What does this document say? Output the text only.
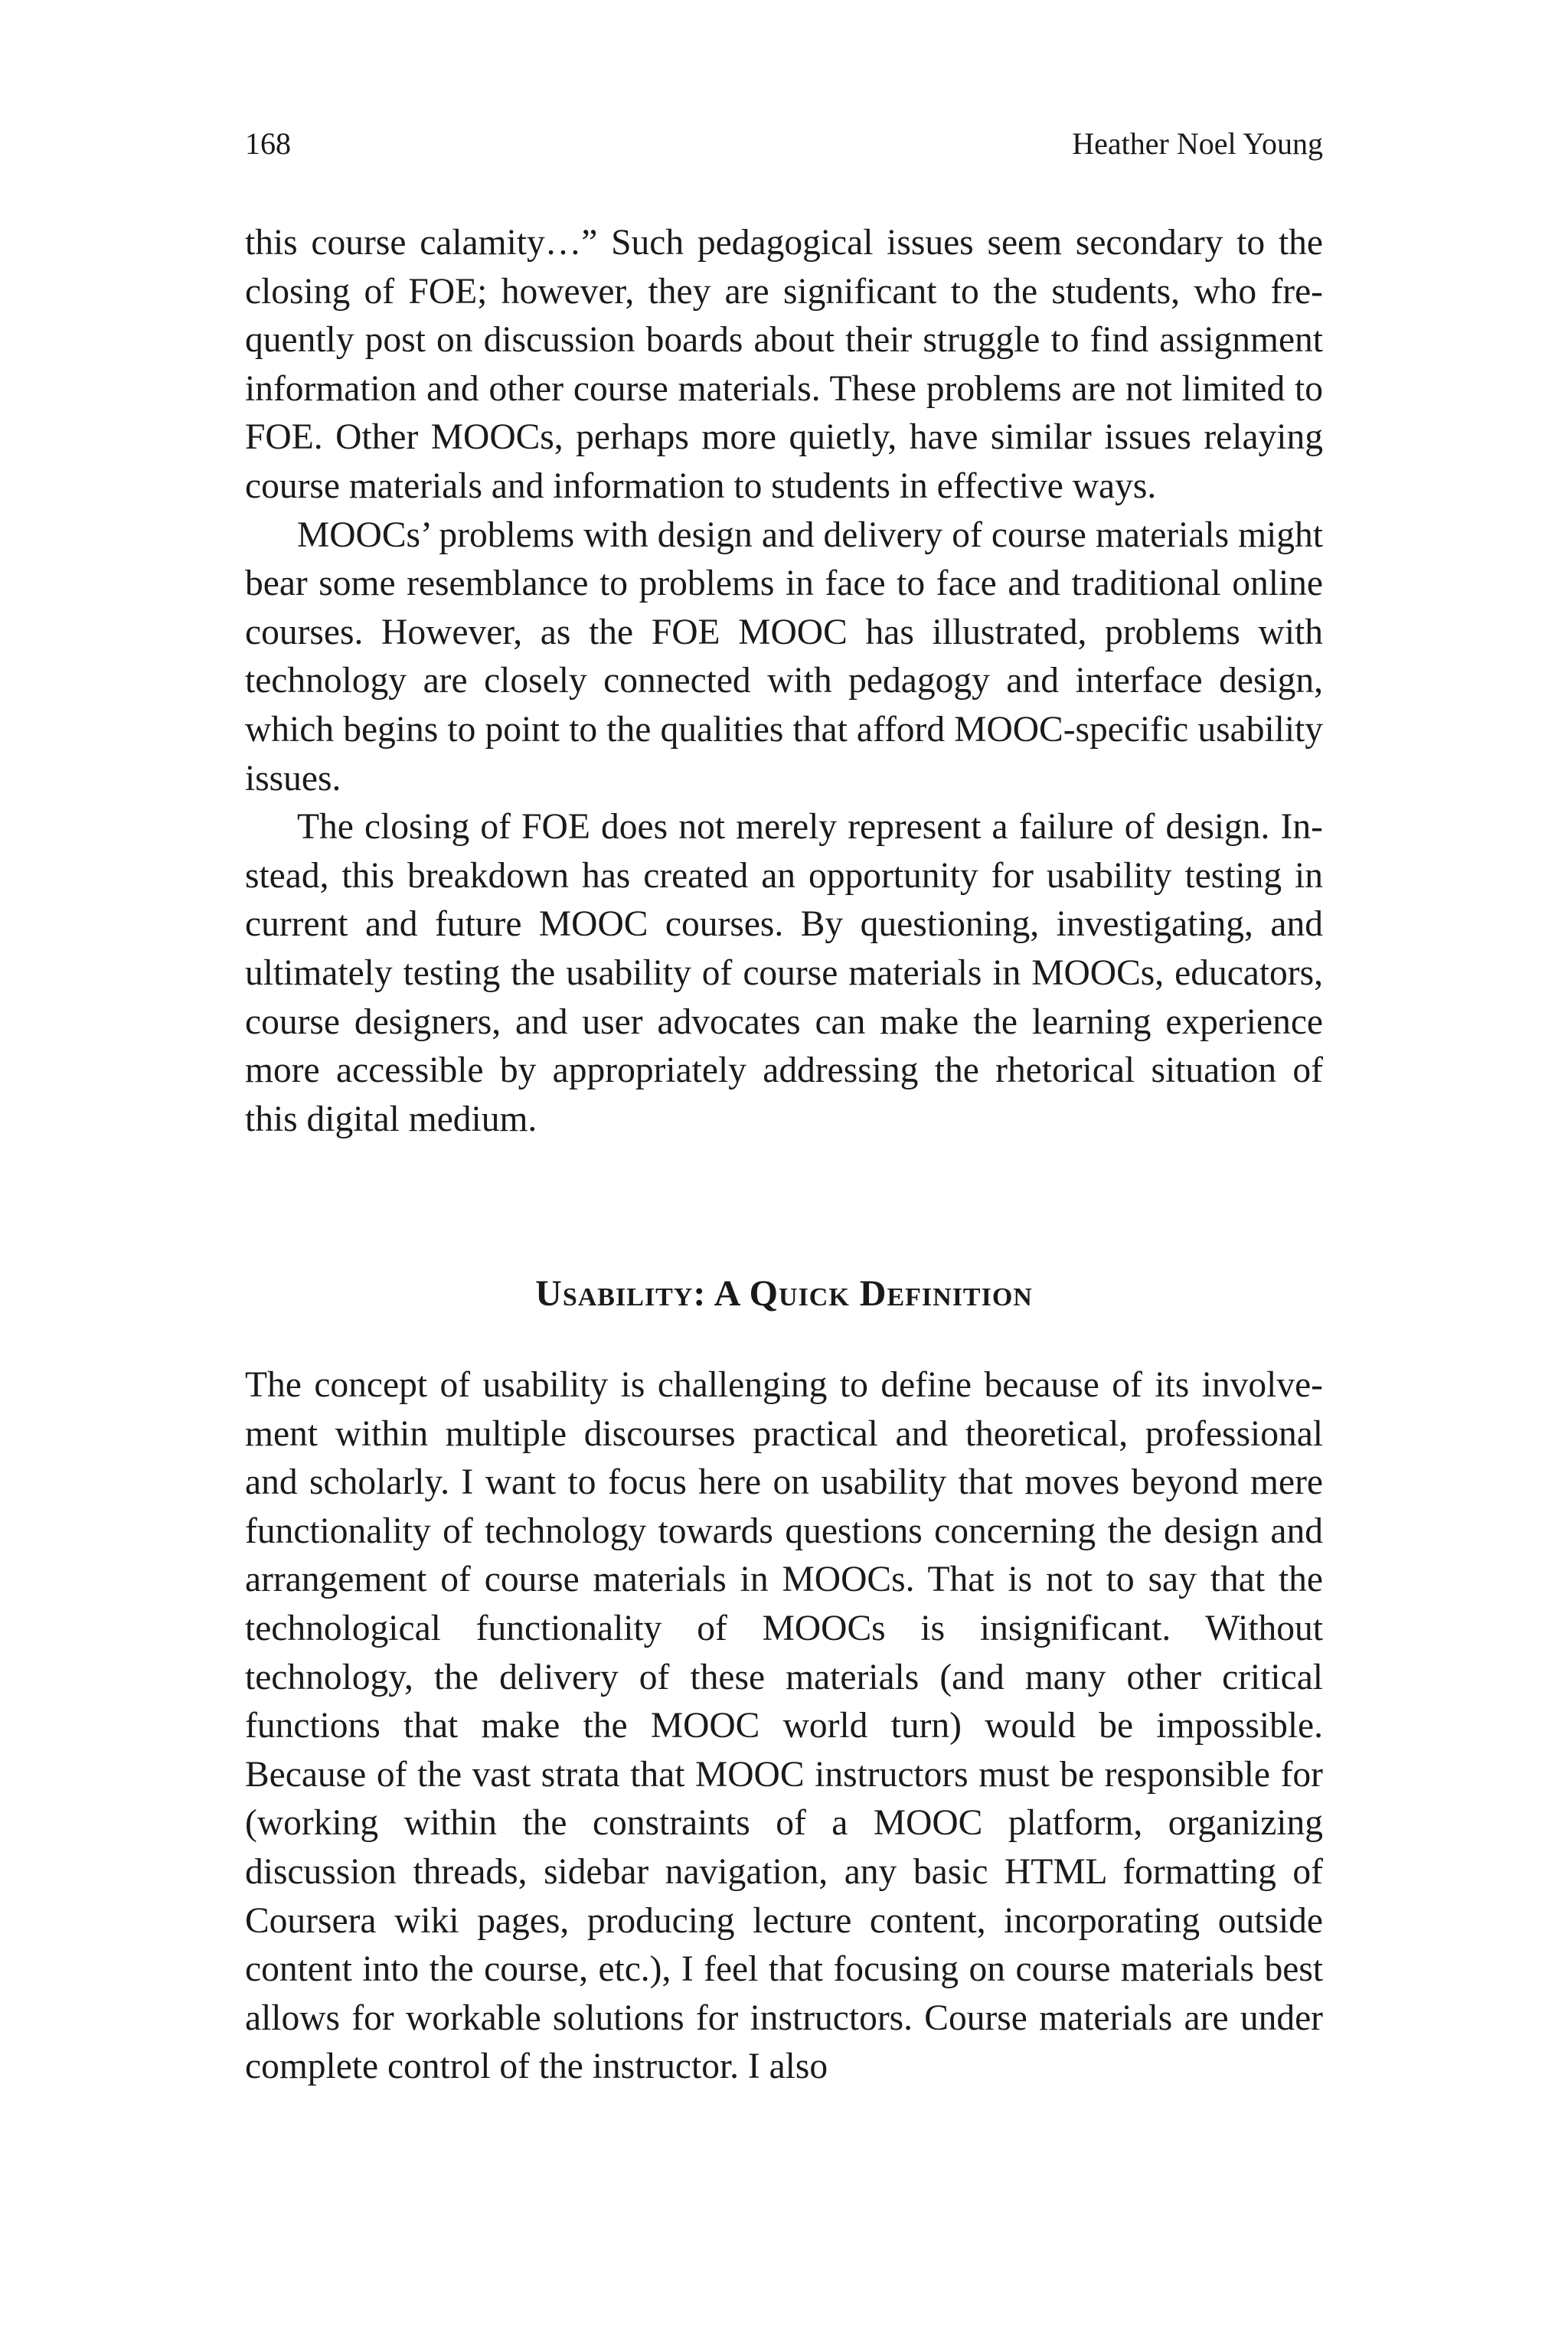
168	Heather Noel Young

this course calamity…” Such pedagogical issues seem secondary to the closing of FOE; however, they are significant to the students, who frequently post on discussion boards about their struggle to find assignment information and other course materials. These problems are not limited to FOE. Other MOOCs, perhaps more quietly, have similar issues relaying course materials and information to students in effective ways.

MOOCs’ problems with design and delivery of course materials might bear some resemblance to problems in face to face and traditional online courses. However, as the FOE MOOC has illustrated, problems with technology are closely connected with pedagogy and interface design, which begins to point to the qualities that afford MOOC-specific usability issues.

The closing of FOE does not merely represent a failure of design. Instead, this breakdown has created an opportunity for usability testing in current and future MOOC courses. By questioning, investigating, and ultimately testing the usability of course materials in MOOCs, educators, course designers, and user advocates can make the learning experience more accessible by appropriately addressing the rhetorical situation of this digital medium.

Usability: A Quick Definition

The concept of usability is challenging to define because of its involvement within multiple discourses practical and theoretical, professional and scholarly. I want to focus here on usability that moves beyond mere functionality of technology towards questions concerning the design and arrangement of course materials in MOOCs. That is not to say that the technological functionality of MOOCs is insignificant. Without technology, the delivery of these materials (and many other critical functions that make the MOOC world turn) would be impossible. Because of the vast strata that MOOC instructors must be responsible for (working within the constraints of a MOOC platform, organizing discussion threads, sidebar navigation, any basic HTML formatting of Coursera wiki pages, producing lecture content, incorporating outside content into the course, etc.), I feel that focusing on course materials best allows for workable solutions for instructors. Course materials are under complete control of the instructor. I also
